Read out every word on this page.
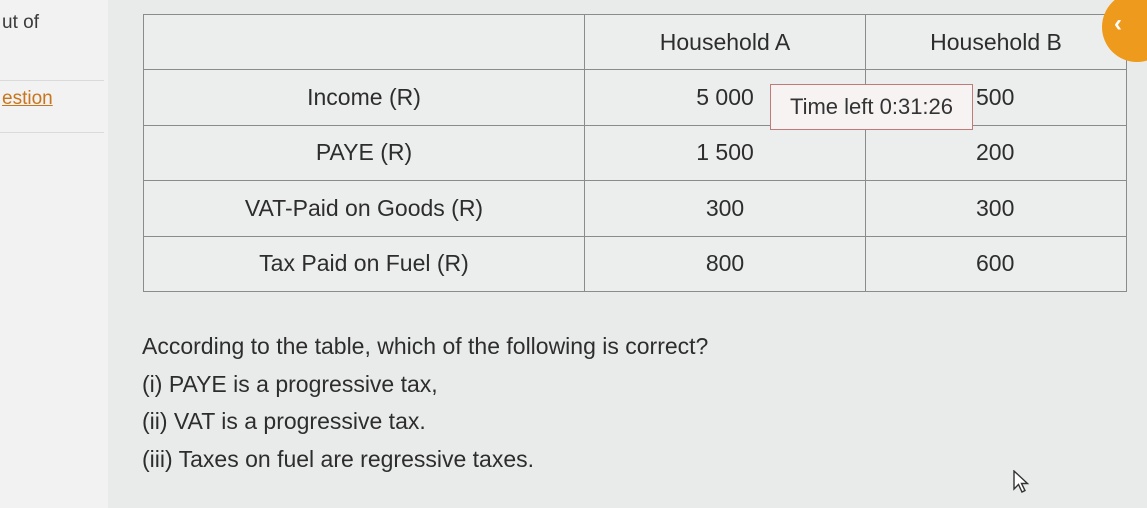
ut of
estion
	Household A	Household B
Income (R)	5 000	500
PAYE (R)	1 500	200
VAT-Paid on Goods (R)	300	300
Tax Paid on Fuel (R)	800	600
Time left 0:31:26
‹
According to the table, which of the following is correct?
(i) PAYE is a progressive tax,
(ii) VAT is a progressive tax.
(iii) Taxes on fuel are regressive taxes.
